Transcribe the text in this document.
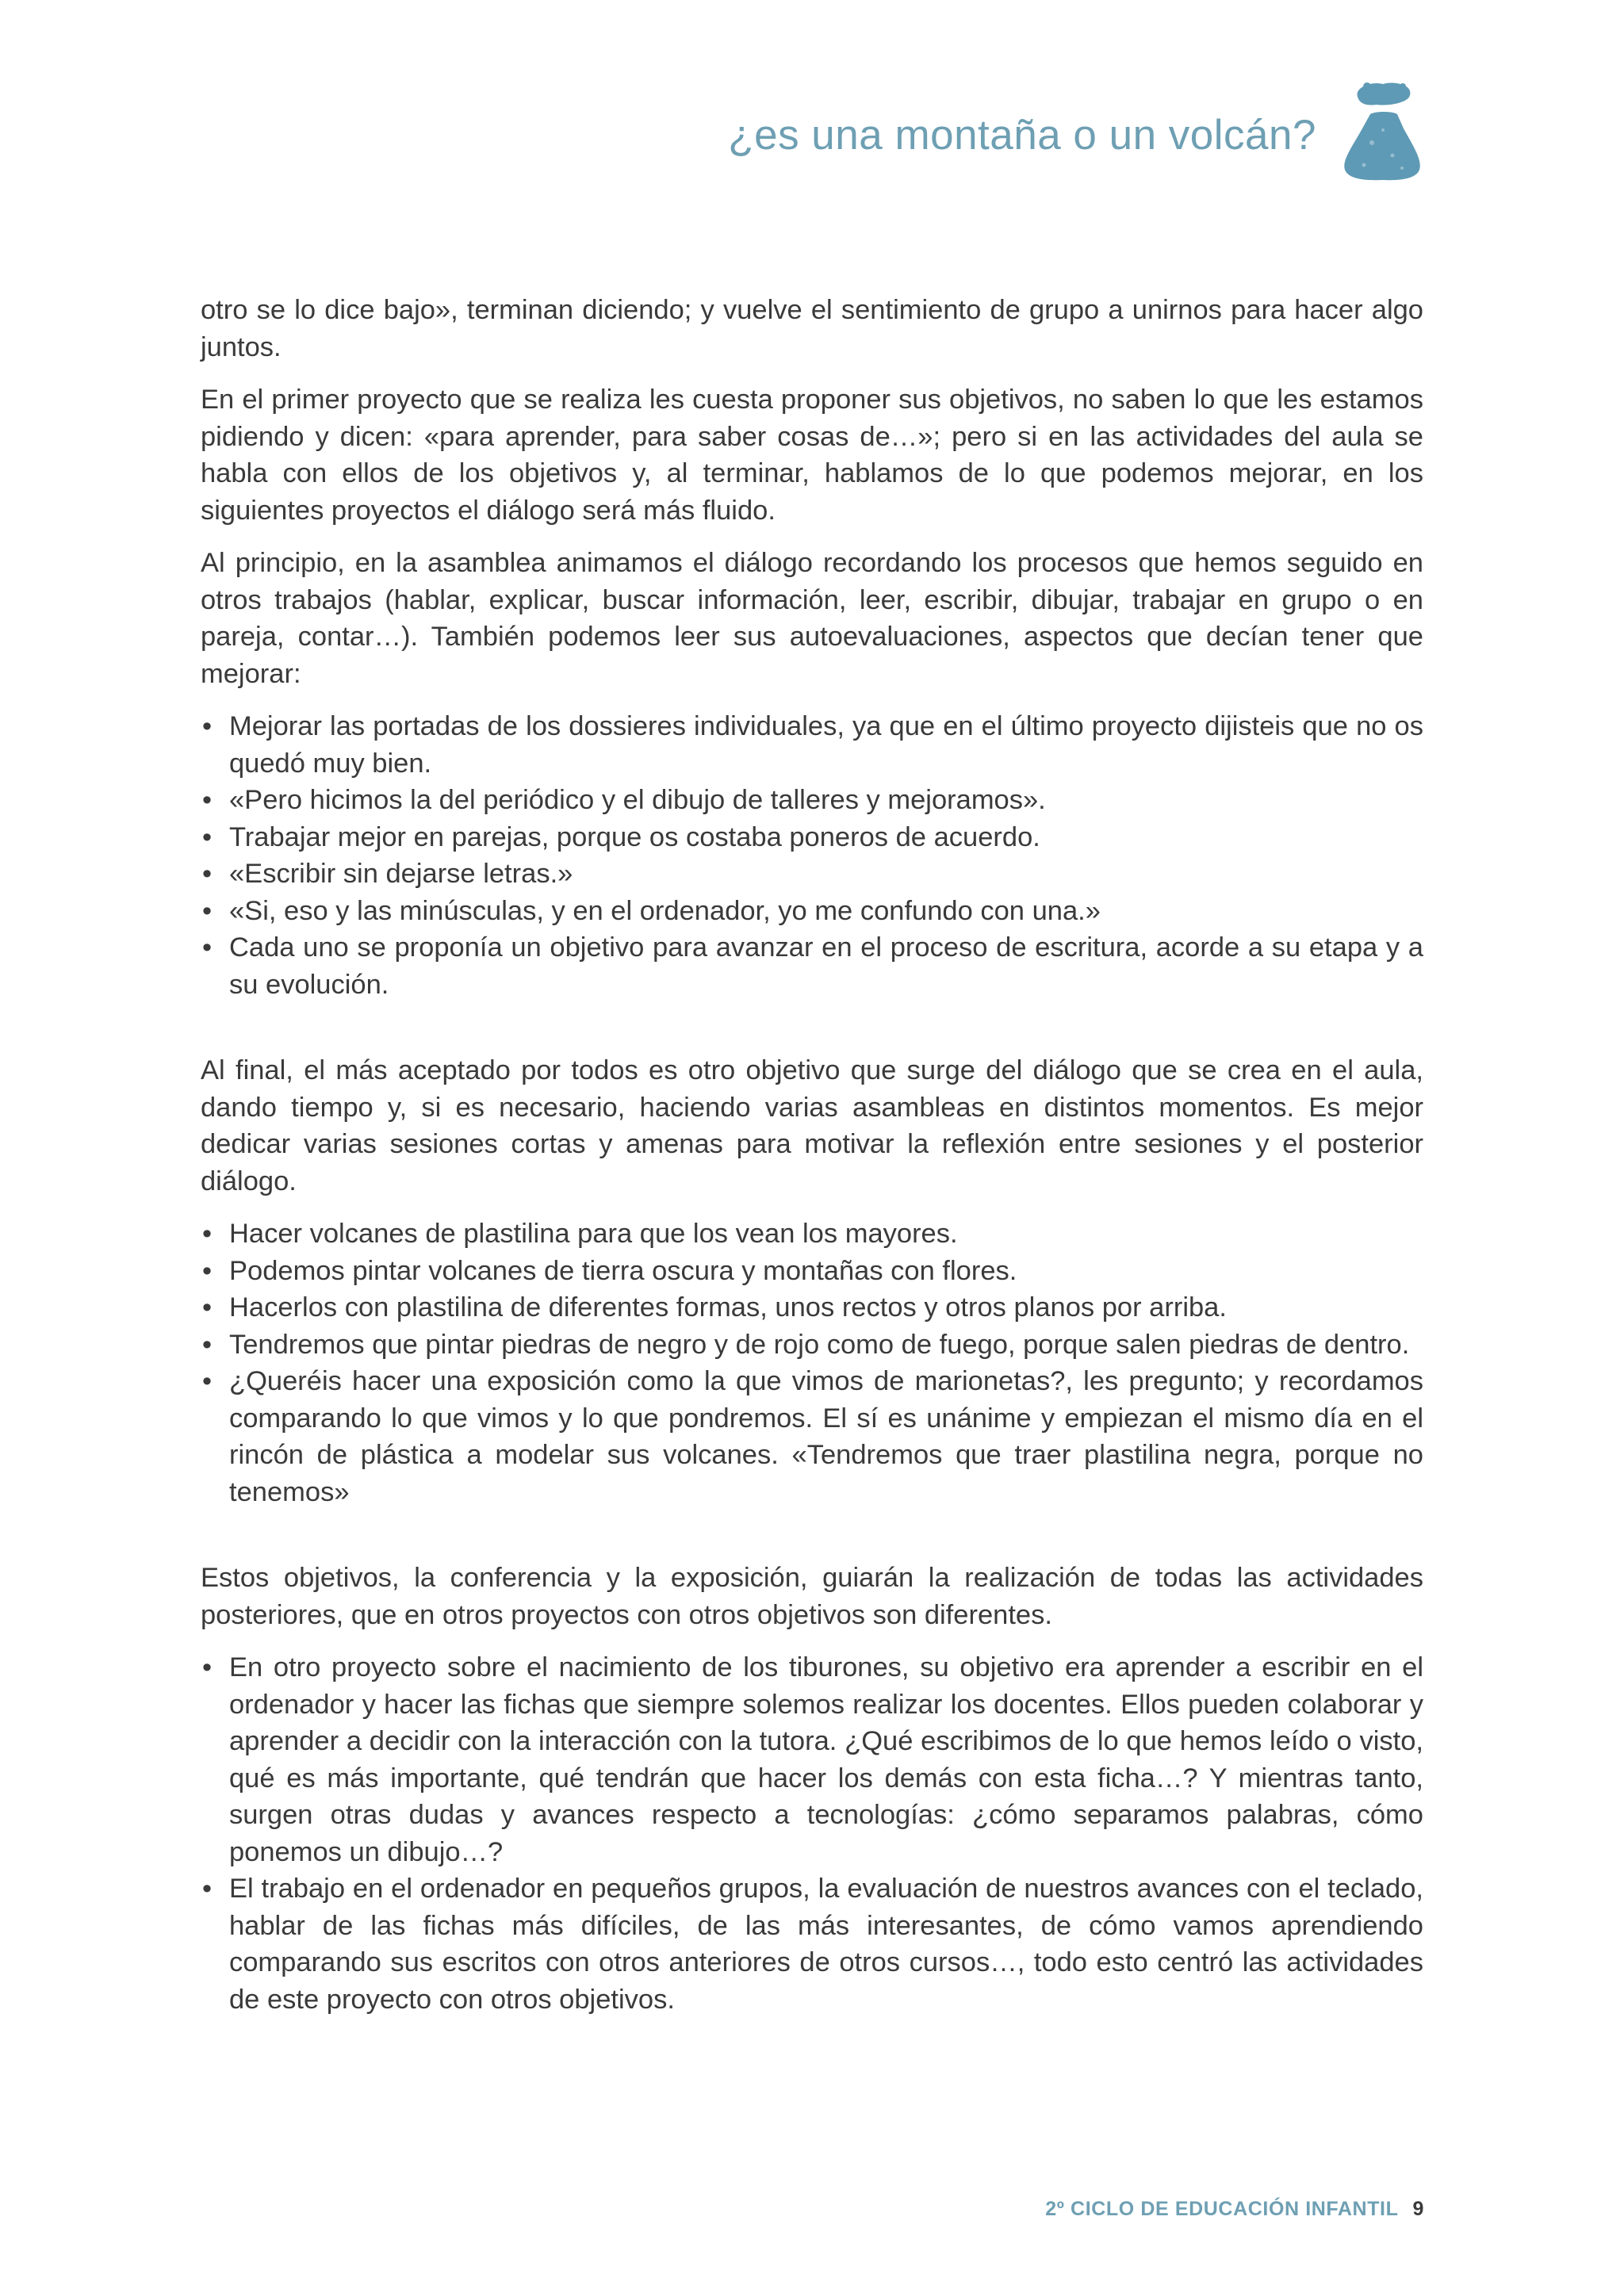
¿es una montaña o un volcán?

otro se lo dice bajo», terminan diciendo; y vuelve el sentimiento de grupo a unirnos para hacer algo juntos.

En el primer proyecto que se realiza les cuesta proponer sus objetivos, no saben lo que les estamos pidiendo y dicen: «para aprender, para saber cosas de…»; pero si en las actividades del aula se habla con ellos de los objetivos y, al terminar, hablamos de lo que podemos mejorar, en los siguientes proyectos el diálogo será más fluido.

Al principio, en la asamblea animamos el diálogo recordando los procesos que hemos seguido en otros trabajos (hablar, explicar, buscar información, leer, escribir, dibujar, trabajar en grupo o en pareja, contar…). También podemos leer sus autoevaluaciones, aspectos que decían tener que mejorar:

• Mejorar las portadas de los dossieres individuales, ya que en el último proyecto dijisteis que no os quedó muy bien.
• «Pero hicimos la del periódico y el dibujo de talleres y mejoramos».
• Trabajar mejor en parejas, porque os costaba poneros de acuerdo.
• «Escribir sin dejarse letras.»
• «Si, eso y las minúsculas, y en el ordenador, yo me confundo con una.»
• Cada uno se proponía un objetivo para avanzar en el proceso de escritura, acorde a su etapa y a su evolución.

Al final, el más aceptado por todos es otro objetivo que surge del diálogo que se crea en el aula, dando tiempo y, si es necesario, haciendo varias asambleas en distintos momentos. Es mejor dedicar varias sesiones cortas y amenas para motivar la reflexión entre sesiones y el posterior diálogo.

• Hacer volcanes de plastilina para que los vean los mayores.
• Podemos pintar volcanes de tierra oscura y montañas con flores.
• Hacerlos con plastilina de diferentes formas, unos rectos y otros planos por arriba.
• Tendremos que pintar piedras de negro y de rojo como de fuego, porque salen piedras de dentro.
• ¿Queréis hacer una exposición como la que vimos de marionetas?, les pregunto; y recordamos comparando lo que vimos y lo que pondremos. El sí es unánime y empiezan el mismo día en el rincón de plástica a modelar sus volcanes. «Tendremos que traer plastilina negra, porque no tenemos»

Estos objetivos, la conferencia y la exposición, guiarán la realización de todas las actividades posteriores, que en otros proyectos con otros objetivos son diferentes.

• En otro proyecto sobre el nacimiento de los tiburones, su objetivo era aprender a escribir en el ordenador y hacer las fichas que siempre solemos realizar los docentes. Ellos pueden colaborar y aprender a decidir con la interacción con la tutora. ¿Qué escribimos de lo que hemos leído o visto, qué es más importante, qué tendrán que hacer los demás con esta ficha…? Y mientras tanto, surgen otras dudas y avances respecto a tecnologías: ¿cómo separamos palabras, cómo ponemos un dibujo…?
• El trabajo en el ordenador en pequeños grupos, la evaluación de nuestros avances con el teclado, hablar de las fichas más difíciles, de las más interesantes, de cómo vamos aprendiendo comparando sus escritos con otros anteriores de otros cursos…, todo esto centró las actividades de este proyecto con otros objetivos.
2º CICLO DE EDUCACIÓN INFANTIL 9
